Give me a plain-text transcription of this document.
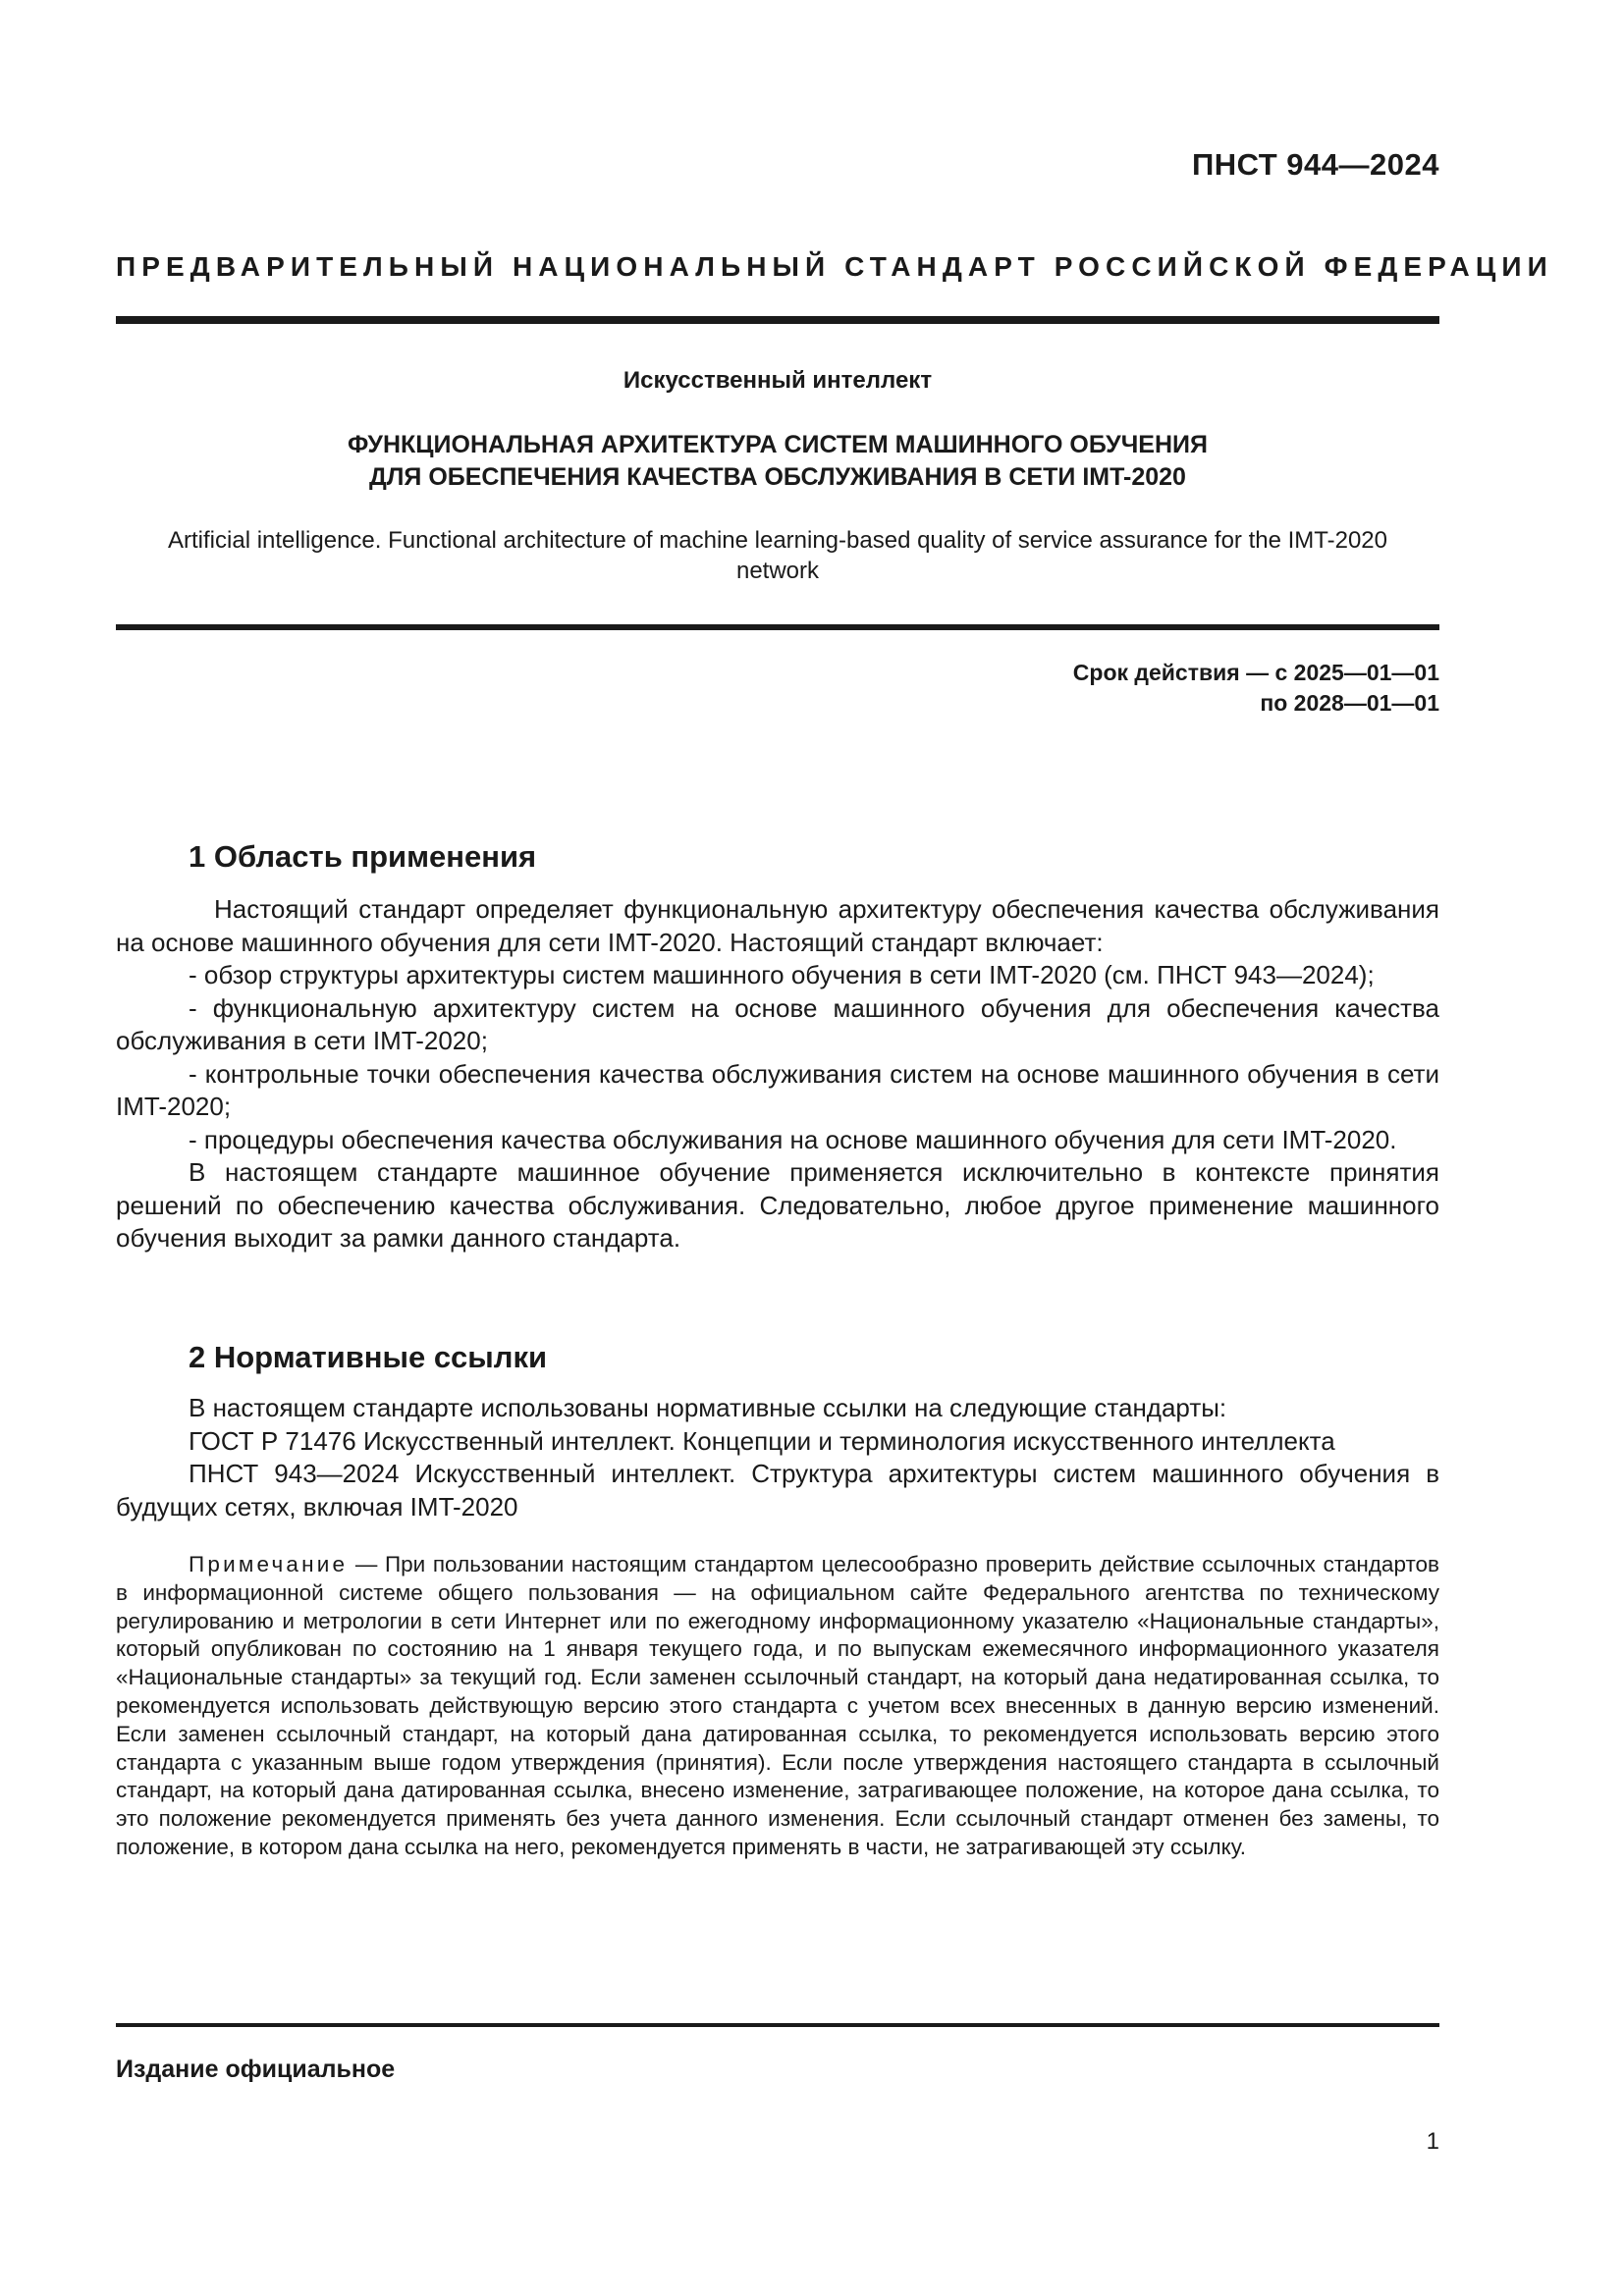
ПНСТ 944—2024
ПРЕДВАРИТЕЛЬНЫЙ НАЦИОНАЛЬНЫЙ СТАНДАРТ РОССИЙСКОЙ ФЕДЕРАЦИИ
Искусственный интеллект
ФУНКЦИОНАЛЬНАЯ АРХИТЕКТУРА СИСТЕМ МАШИННОГО ОБУЧЕНИЯ
ДЛЯ ОБЕСПЕЧЕНИЯ КАЧЕСТВА ОБСЛУЖИВАНИЯ В СЕТИ IMT-2020
Artificial intelligence. Functional architecture of machine learning-based quality of service assurance for the IMT-2020
network
Срок действия — с 2025—01—01
по 2028—01—01
1 Область применения
Настоящий стандарт определяет функциональную архитектуру обеспечения качества обслуживания на основе машинного обучения для сети IMT-2020. Настоящий стандарт включает:
- обзор структуры архитектуры систем машинного обучения в сети IMT-2020 (см. ПНСТ 943—2024);
- функциональную архитектуру систем на основе машинного обучения для обеспечения качества обслуживания в сети IMT-2020;
- контрольные точки обеспечения качества обслуживания систем на основе машинного обучения в сети IMT-2020;
- процедуры обеспечения качества обслуживания на основе машинного обучения для сети IMT-2020.
В настоящем стандарте машинное обучение применяется исключительно в контексте принятия решений по обеспечению качества обслуживания. Следовательно, любое другое применение машинного обучения выходит за рамки данного стандарта.
2 Нормативные ссылки
В настоящем стандарте использованы нормативные ссылки на следующие стандарты:
ГОСТ Р 71476 Искусственный интеллект. Концепции и терминология искусственного интеллекта
ПНСТ 943—2024 Искусственный интеллект. Структура архитектуры систем машинного обучения в будущих сетях, включая IMT-2020
Примечание — При пользовании настоящим стандартом целесообразно проверить действие ссылочных стандартов в информационной системе общего пользования — на официальном сайте Федерального агентства по техническому регулированию и метрологии в сети Интернет или по ежегодному информационному указателю «Национальные стандарты», который опубликован по состоянию на 1 января текущего года, и по выпускам ежемесячного информационного указателя «Национальные стандарты» за текущий год. Если заменен ссылочный стандарт, на который дана недатированная ссылка, то рекомендуется использовать действующую версию этого стандарта с учетом всех внесенных в данную версию изменений. Если заменен ссылочный стандарт, на который дана датированная ссылка, то рекомендуется использовать версию этого стандарта с указанным выше годом утверждения (принятия). Если после утверждения настоящего стандарта в ссылочный стандарт, на который дана датированная ссылка, внесено изменение, затрагивающее положение, на которое дана ссылка, то это положение рекомендуется применять без учета данного изменения. Если ссылочный стандарт отменен без замены, то положение, в котором дана ссылка на него, рекомендуется применять в части, не затрагивающей эту ссылку.
Издание официальное
1
